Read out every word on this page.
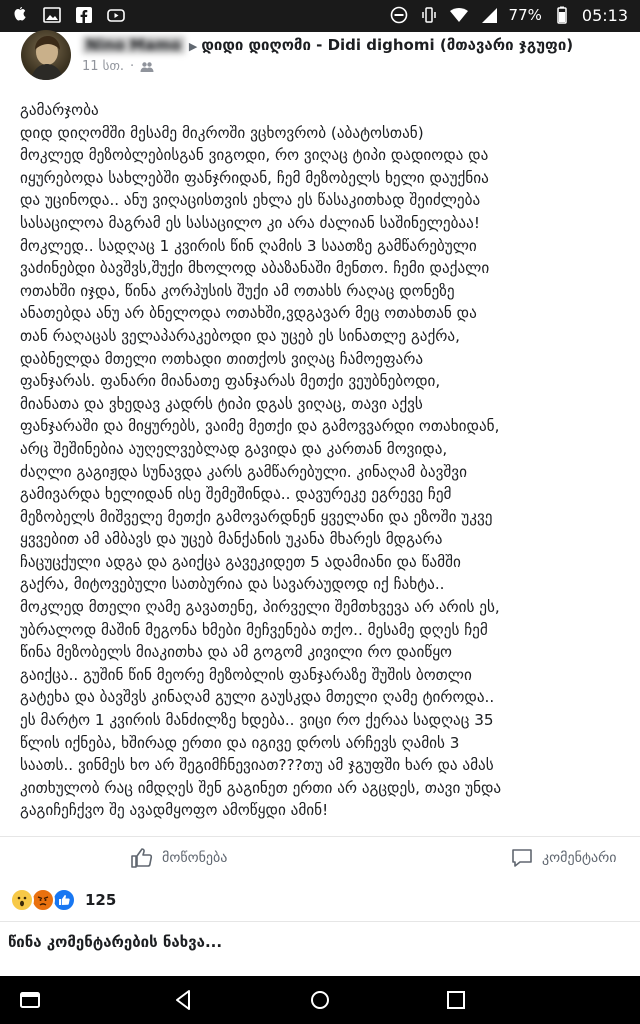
77%	05:13
Nino Mamo ▶ დიდი დიღომი - Didi dighomi (მთავარი ჯგუფი)
11 სთ. ·

გამარჯობა

დიდ დიღომში მესამე მიკროში ვცხოვრობ (აბატოსთან)

მოკლედ მეზობლებისგან ვიგოდი, რო ვიღაც ტიპი დადიოდა და

იყურებოდა სახლებში ფანჯრიდან, ჩემ მეზობელს ხელი დაუქნია

და უცინოდა.. ანუ ვიღაცისთვის ეხლა ეს წასაკითხად შეიძლება

სასაცილოა მაგრამ ეს სასაცილო კი არა ძალიან საშინელებაა!

მოკლედ.. სადღაც 1 კვირის წინ ღამის 3 საათზე გამწარებული

ვაძინებდი ბავშვს,შუქი მხოლოდ აბაზანაში მენთო. ჩემი დაქალი

ოთახში იჯდა, წინა კორპუსის შუქი ამ ოთახს რაღაც დონეზე

ანათებდა ანუ არ ბნელოდა ოთახში,ვდგავარ მეც ოთახთან და

თან რაღაცას ველაპარაკებოდი და უცებ ეს სინათლე გაქრა,

დაბნელდა მთელი ოთხადი თითქოს ვიღაც ჩამოეფარა

ფანჯარას. ფანარი მიანათე ფანჯარას მეთქი ვეუბნებოდი,

მიანათა და ვხედავ კადრს ტიპი დგას ვიღაც, თავი აქვს

ფანჯარაში და მიყურებს, ვაიმე მეთქი და გამოვვარდი ოთახიდან,

არც შეშინებია აუღელვებლად გავიდა და კართან მოვიდა,

ძაღლი გაგიჟდა სუნავდა კარს გამწარებული. კინაღამ ბავშვი

გამივარდა ხელიდან ისე შემეშინდა.. დავურეკე ეგრევე ჩემ

მეზობელს მიშველე მეთქი გამოვარდნენ ყველანი და ეზოში უკვე

ყვვებით ამ ამბავს და უცებ მანქანის უკანა მხარეს მდგარა

ჩაცუცქული ადგა და გაიქცა გავეკიდეთ 5 ადამიანი და წამში

გაქრა, მიტოვებული სათბურია და სავარაუდოდ იქ ჩახტა..

მოკლედ მთელი ღამე გავათენე, პირველი შემთხვევა არ არის ეს,

უბრალოდ მაშინ მეგონა ხმები მეჩვენება თქო.. მესამე დღეს ჩემ

წინა მეზობელს მიაკითხა და ამ გოგომ კივილი რო დაიწყო

გაიქცა.. გუშინ წინ მეორე მეზობლის ფანჯარაზე შუშის ბოთლი

გატეხა და ბავშვს კინაღამ გული გაუსკდა მთელი ღამე ტიროდა..

ეს მარტო 1 კვირის მანძილზე ხდება.. ვიცი რო ქერაა სადღაც 35

წლის იქნება, ხშირად ერთი და იგივე დროს არჩევს ღამის 3

საათს.. ვინმეს ხო არ შეგიმჩნევიათ???თუ ამ ჯგუფში ხარ და ამას

კითხულობ რაც იმდღეს შენ გაგინეთ ერთი არ აგცდეს, თავი უნდა

გაგიჩეჩქვო შე ავადმყოფო ამოწყდი ამინ!

მოწონება	კომენტარი
125
წინა კომენტარების ნახვა...
